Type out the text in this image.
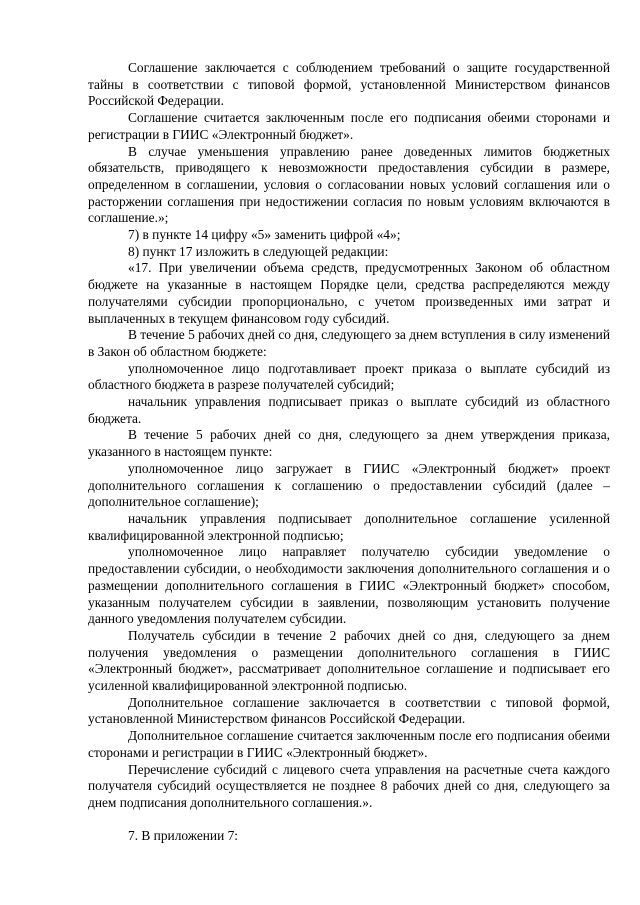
Соглашение заключается с соблюдением требований о защите государственной тайны в соответствии с типовой формой, установленной Министерством финансов Российской Федерации.

Соглашение считается заключенным после его подписания обеими сторонами и регистрации в ГИИС «Электронный бюджет».

В случае уменьшения управлению ранее доведенных лимитов бюджетных обязательств, приводящего к невозможности предоставления субсидии в размере, определенном в соглашении, условия о согласовании новых условий соглашения или о расторжении соглашения при недостижении согласия по новым условиям включаются в соглашение.»;

7) в пункте 14 цифру «5» заменить цифрой «4»;

8) пункт 17 изложить в следующей редакции:

«17. При увеличении объема средств, предусмотренных Законом об областном бюджете на указанные в настоящем Порядке цели, средства распределяются между получателями субсидии пропорционально, с учетом произведенных ими затрат и выплаченных в текущем финансовом году субсидий.

В течение 5 рабочих дней со дня, следующего за днем вступления в силу изменений в Закон об областном бюджете:

уполномоченное лицо подготавливает проект приказа о выплате субсидий из областного бюджета в разрезе получателей субсидий;

начальник управления подписывает приказ о выплате субсидий из областного бюджета.

В течение 5 рабочих дней со дня, следующего за днем утверждения приказа, указанного в настоящем пункте:

уполномоченное лицо загружает в ГИИС «Электронный бюджет» проект дополнительного соглашения к соглашению о предоставлении субсидий (далее – дополнительное соглашение);

начальник управления подписывает дополнительное соглашение усиленной квалифицированной электронной подписью;

уполномоченное лицо направляет получателю субсидии уведомление о предоставлении субсидии, о необходимости заключения дополнительного соглашения и о размещении дополнительного соглашения в ГИИС «Электронный бюджет» способом, указанным получателем субсидии в заявлении, позволяющим установить получение данного уведомления получателем субсидии.

Получатель субсидии в течение 2 рабочих дней со дня, следующего за днем получения уведомления о размещении дополнительного соглашения в ГИИС «Электронный бюджет», рассматривает дополнительное соглашение и подписывает его усиленной квалифицированной электронной подписью.

Дополнительное соглашение заключается в соответствии с типовой формой, установленной Министерством финансов Российской Федерации.

Дополнительное соглашение считается заключенным после его подписания обеими сторонами и регистрации в ГИИС «Электронный бюджет».

Перечисление субсидий с лицевого счета управления на расчетные счета каждого получателя субсидий осуществляется не позднее 8 рабочих дней со дня, следующего за днем подписания дополнительного соглашения.».

7. В приложении 7:
